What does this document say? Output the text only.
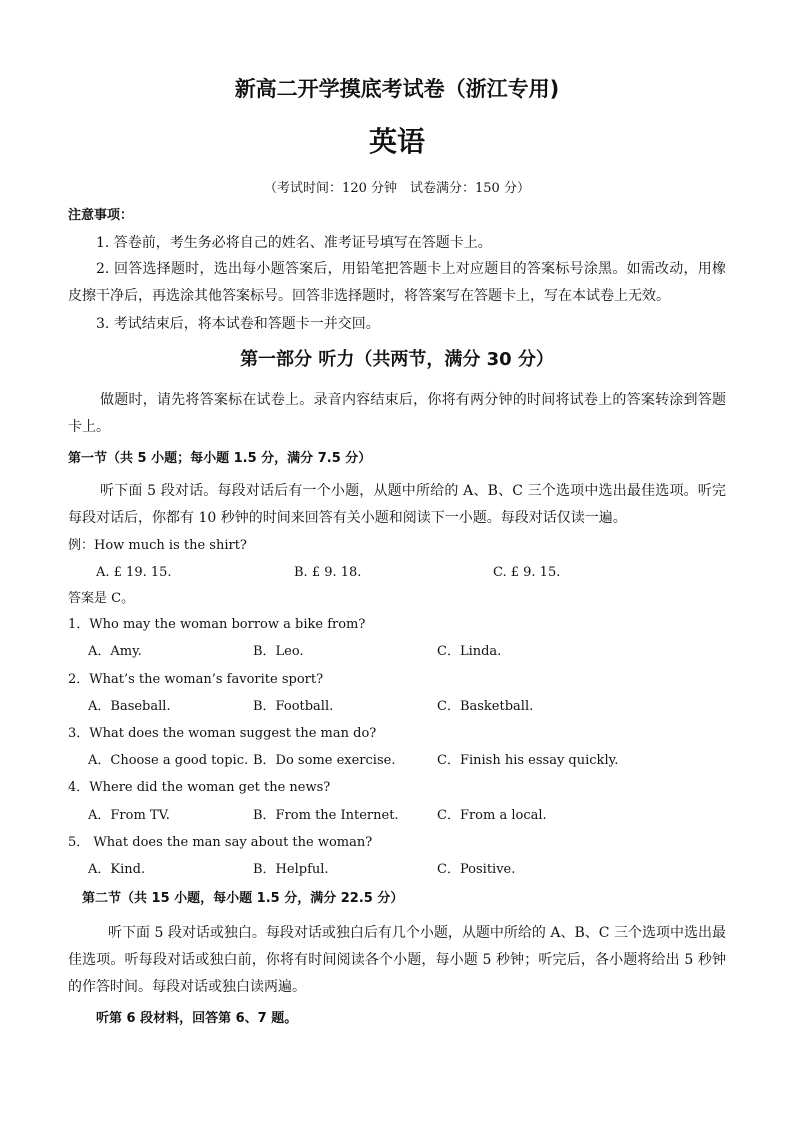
新高二开学摸底考试卷（浙江专用)
英语
（考试时间：120 分钟　试卷满分：150 分）
注意事项：
1. 答卷前，考生务必将自己的姓名、准考证号填写在答题卡上。
2. 回答选择题时，选出每小题答案后，用铅笔把答题卡上对应题目的答案标号涂黑。如需改动，用橡皮擦干净后，再选涂其他答案标号。回答非选择题时，将答案写在答题卡上，写在本试卷上无效。
3. 考试结束后，将本试卷和答题卡一并交回。
第一部分 听力（共两节，满分 30 分）
做题时，请先将答案标在试卷上。录音内容结束后，你将有两分钟的时间将试卷上的答案转涂到答题卡上。
第一节（共 5 小题；每小题 1.5 分，满分 7.5 分）
听下面 5 段对话。每段对话后有一个小题，从题中所给的 A、B、C 三个选项中选出最佳选项。听完每段对话后，你都有 10 秒钟的时间来回答有关小题和阅读下一小题。每段对话仅读一遍。
例：How much is the shirt?
A. £ 19. 15.	B. £ 9. 18.	C. £ 9. 15.
答案是 C。
1．Who may the woman borrow a bike from?
A．Amy.	B．Leo.	C．Linda.
2．What’s the woman’s favorite sport?
A．Baseball.	B．Football.	C．Basketball.
3．What does the woman suggest the man do?
A．Choose a good topic. B．Do some exercise.	C．Finish his essay quickly.
4．Where did the woman get the news?
A．From TV.	B．From the Internet.	C．From a local.
5． What does the man say about the woman?
A．Kind.	B．Helpful.	C．Positive.
第二节（共 15 小题，每小题 1.5 分，满分 22.5 分）
听下面 5 段对话或独白。每段对话或独白后有几个小题，从题中所给的 A、B、C 三个选项中选出最佳选项。听每段对话或独白前，你将有时间阅读各个小题，每小题 5 秒钟；听完后，各小题将给出 5 秒钟的作答时间。每段对话或独白读两遍。
听第 6 段材料，回答第 6、7 题。
